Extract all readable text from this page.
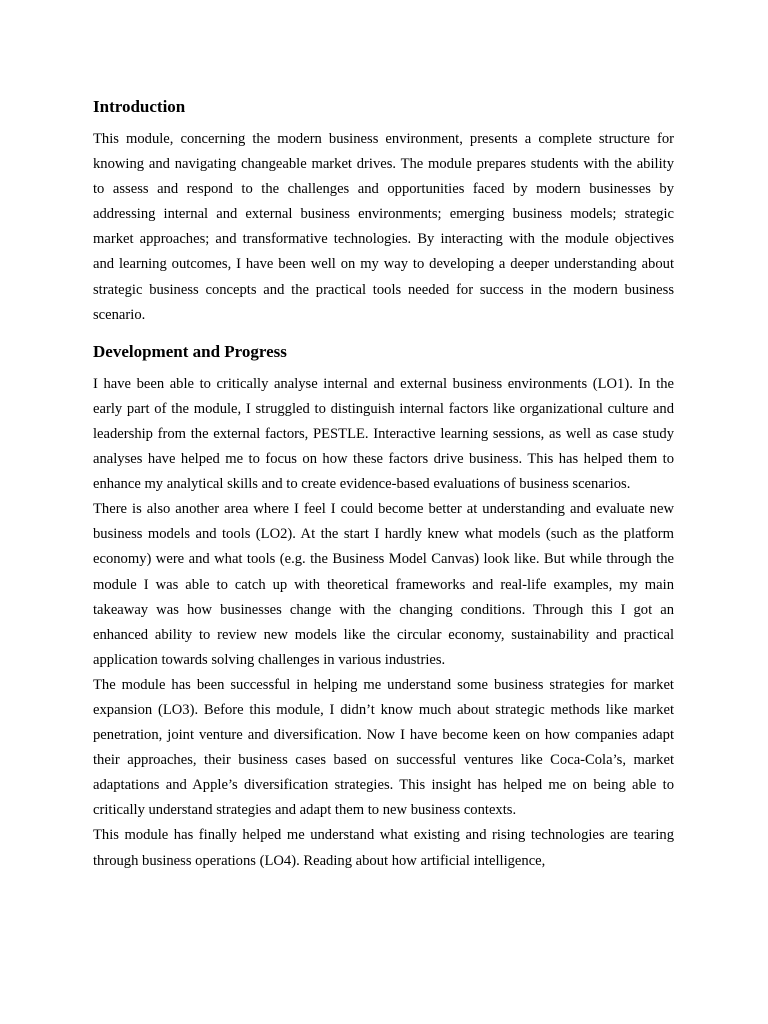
Introduction

This module, concerning the modern business environment, presents a complete structure for knowing and navigating changeable market drives. The module prepares students with the ability to assess and respond to the challenges and opportunities faced by modern businesses by addressing internal and external business environments; emerging business models; strategic market approaches; and transformative technologies. By interacting with the module objectives and learning outcomes, I have been well on my way to developing a deeper understanding about strategic business concepts and the practical tools needed for success in the modern business scenario.

Development and Progress

I have been able to critically analyse internal and external business environments (LO1). In the early part of the module, I struggled to distinguish internal factors like organizational culture and leadership from the external factors, PESTLE. Interactive learning sessions, as well as case study analyses have helped me to focus on how these factors drive business. This has helped them to enhance my analytical skills and to create evidence-based evaluations of business scenarios.

There is also another area where I feel I could become better at understanding and evaluate new business models and tools (LO2). At the start I hardly knew what models (such as the platform economy) were and what tools (e.g. the Business Model Canvas) look like. But while through the module I was able to catch up with theoretical frameworks and real-life examples, my main takeaway was how businesses change with the changing conditions. Through this I got an enhanced ability to review new models like the circular economy, sustainability and practical application towards solving challenges in various industries.

The module has been successful in helping me understand some business strategies for market expansion (LO3). Before this module, I didn’t know much about strategic methods like market penetration, joint venture and diversification. Now I have become keen on how companies adapt their approaches, their business cases based on successful ventures like Coca-Cola’s, market adaptations and Apple’s diversification strategies. This insight has helped me on being able to critically understand strategies and adapt them to new business contexts.

This module has finally helped me understand what existing and rising technologies are tearing through business operations (LO4). Reading about how artificial intelligence,
